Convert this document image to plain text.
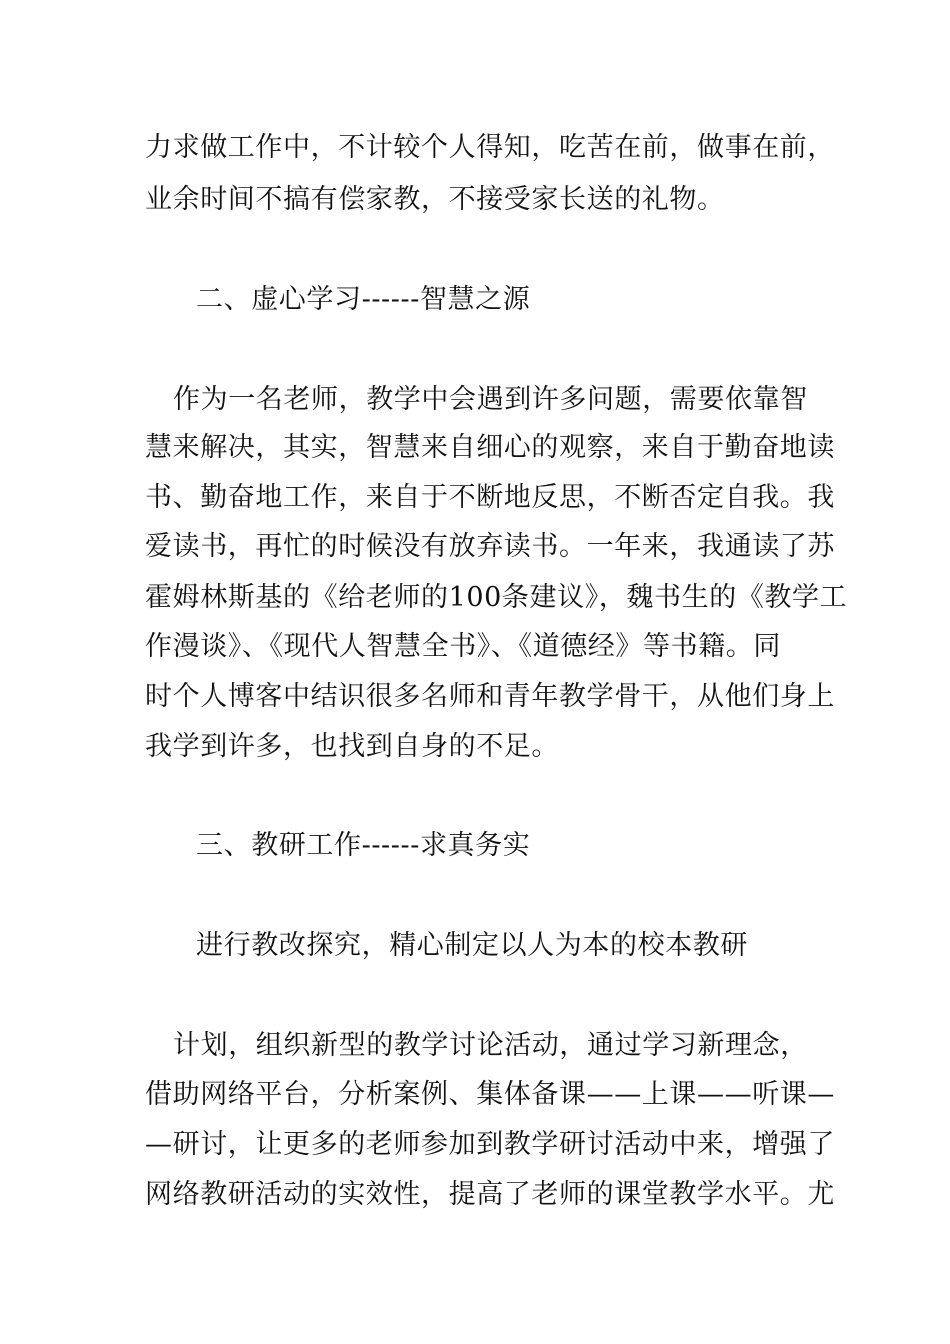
力求做工作中，不计较个人得知，吃苦在前，做事在前，
业余时间不搞有偿家教，不接受家长送的礼物。
二、虚心学习------智慧之源
作为一名老师，教学中会遇到许多问题，需要依靠智
慧来解决，其实，智慧来自细心的观察，来自于勤奋地读
书、勤奋地工作，来自于不断地反思，不断否定自我。我
爱读书，再忙的时候没有放弃读书。一年来，我通读了苏
霍姆林斯基的《给老师的100条建议》，魏书生的《教学工
作漫谈》、《现代人智慧全书》、《道德经》等书籍。同
时个人博客中结识很多名师和青年教学骨干，从他们身上
我学到许多，也找到自身的不足。
三、教研工作------求真务实
进行教改探究，精心制定以人为本的校本教研
计划，组织新型的教学讨论活动，通过学习新理念，
借助网络平台，分析案例、集体备课——上课——听课—
—研讨，让更多的老师参加到教学研讨活动中来，增强了
网络教研活动的实效性，提高了老师的课堂教学水平。尤
